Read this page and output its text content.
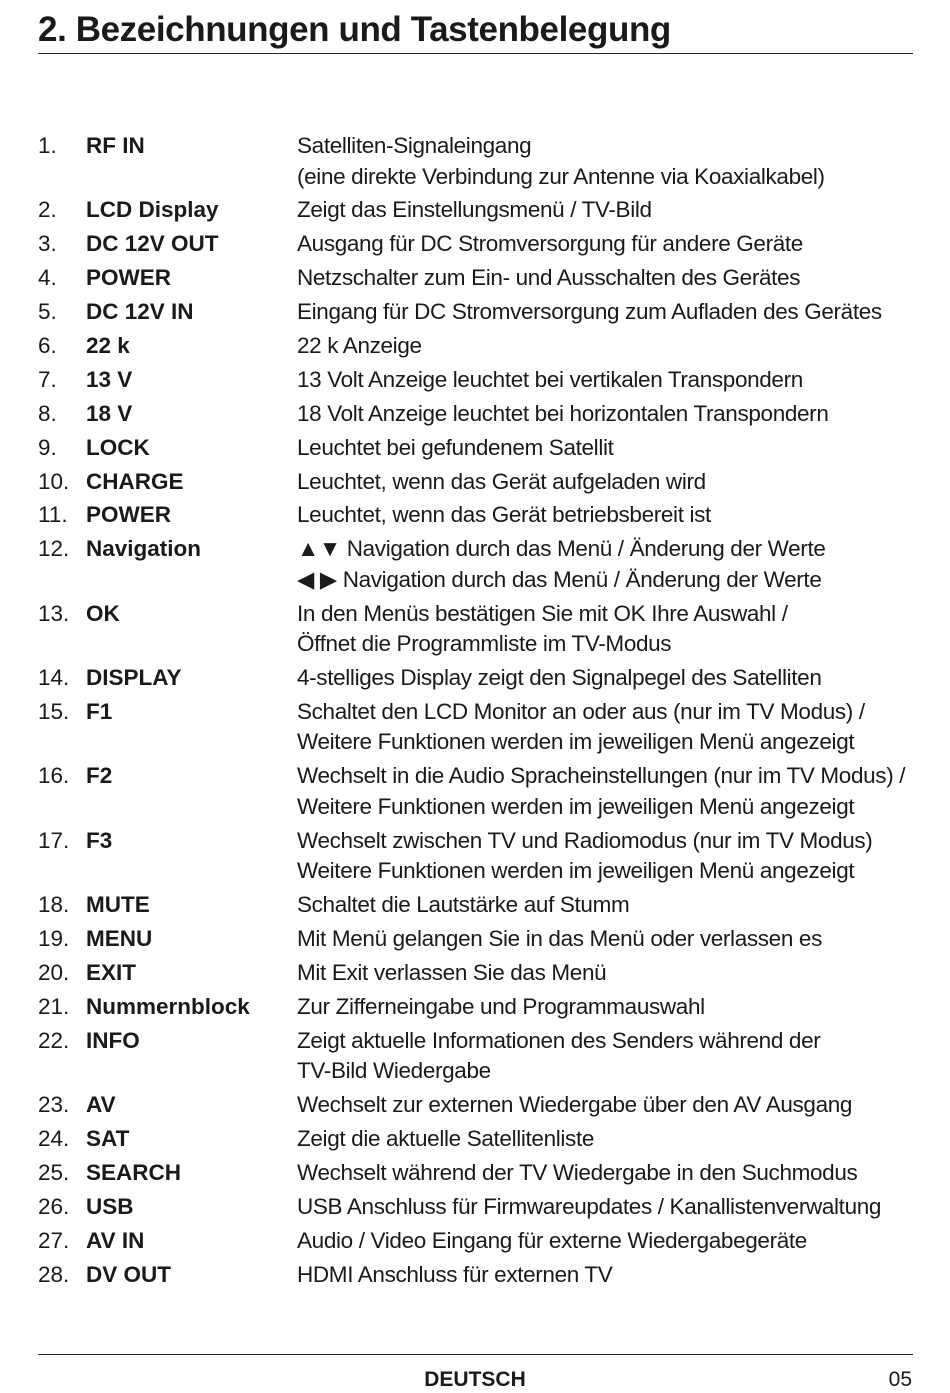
2. Bezeichnungen und Tastenbelegung
1.	RF IN	Satelliten-Signaleingang
(eine direkte Verbindung zur Antenne via Koaxialkabel)
2.	LCD Display	Zeigt das Einstellungsmenü / TV-Bild
3.	DC 12V OUT	Ausgang für DC Stromversorgung für andere Geräte
4.	POWER	Netzschalter zum Ein- und Ausschalten des Gerätes
5.	DC 12V IN	Eingang für DC Stromversorgung zum Aufladen des Gerätes
6.	22 k	22 k Anzeige
7.	13 V	13 Volt Anzeige leuchtet bei vertikalen Transpondern
8.	18 V	18 Volt Anzeige leuchtet bei horizontalen Transpondern
9.	LOCK	Leuchtet bei gefundenem Satellit
10. CHARGE	Leuchtet, wenn das Gerät aufgeladen wird
11. POWER	Leuchtet, wenn das Gerät betriebsbereit ist
12. Navigation	▲▼ Navigation durch das Menü / Änderung der Werte
◀ ▶ Navigation durch das Menü / Änderung der Werte
13. OK	In den Menüs bestätigen Sie mit OK Ihre Auswahl /
Öffnet die Programmliste im TV-Modus
14. DISPLAY	4-stelliges Display zeigt den Signalpegel des Satelliten
15. F1	Schaltet den LCD Monitor an oder aus (nur im TV Modus) /
Weitere Funktionen werden im jeweiligen Menü angezeigt
16. F2	Wechselt in die Audio Spracheinstellungen (nur im TV Modus) /
Weitere Funktionen werden im jeweiligen Menü angezeigt
17. F3	Wechselt zwischen TV und Radiomodus (nur im TV Modus)
Weitere Funktionen werden im jeweiligen Menü angezeigt
18. MUTE	Schaltet die Lautstärke auf Stumm
19. MENU	Mit Menü gelangen Sie in das Menü oder verlassen es
20. EXIT	Mit Exit verlassen Sie das Menü
21. Nummernblock	Zur Zifferneingabe und Programmauswahl
22. INFO	Zeigt aktuelle Informationen des Senders während der
TV-Bild Wiedergabe
23. AV	Wechselt zur externen Wiedergabe über den AV Ausgang
24. SAT	Zeigt die aktuelle Satellitenliste
25. SEARCH	Wechselt während der TV Wiedergabe in den Suchmodus
26. USB	USB Anschluss für Firmwareupdates / Kanallistenverwaltung
27. AV IN	Audio / Video Eingang für externe Wiedergabegeräte
28. DV OUT	HDMI Anschluss für externen TV
DEUTSCH	05
